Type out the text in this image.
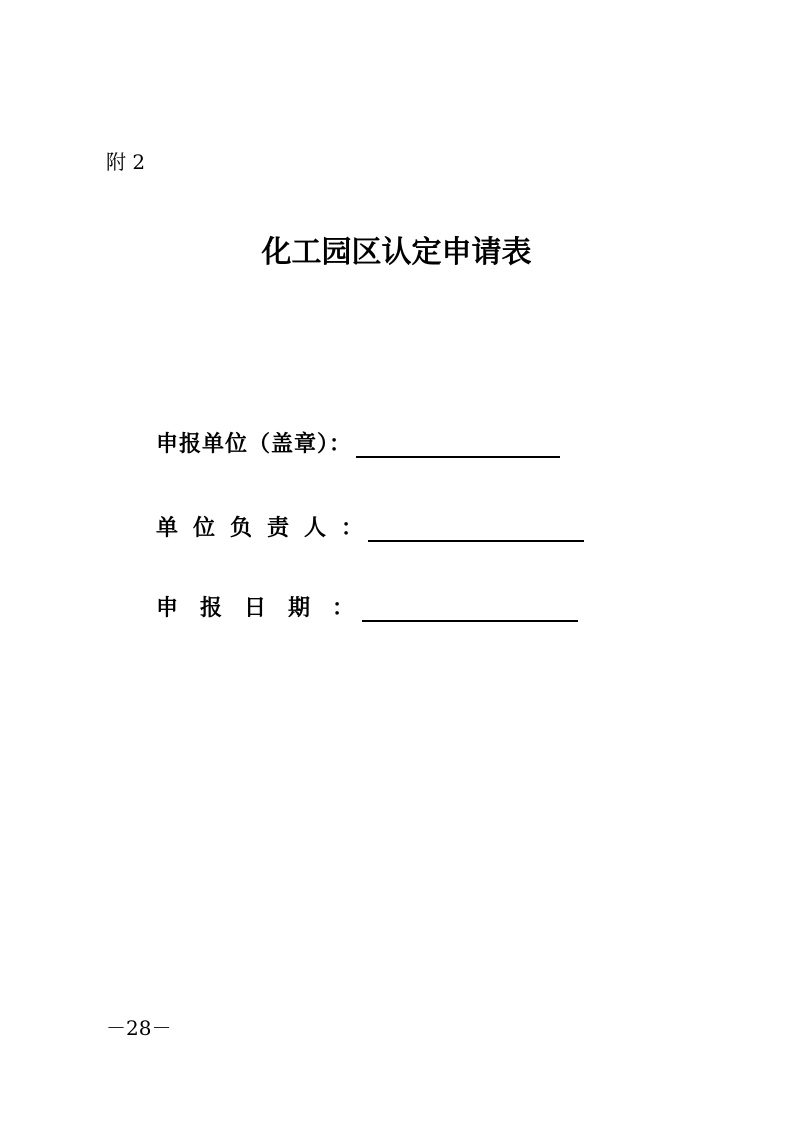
附 2
化工园区认定申请表
申报单位（盖章）：
单位负责人：
申报日期：
－28－
